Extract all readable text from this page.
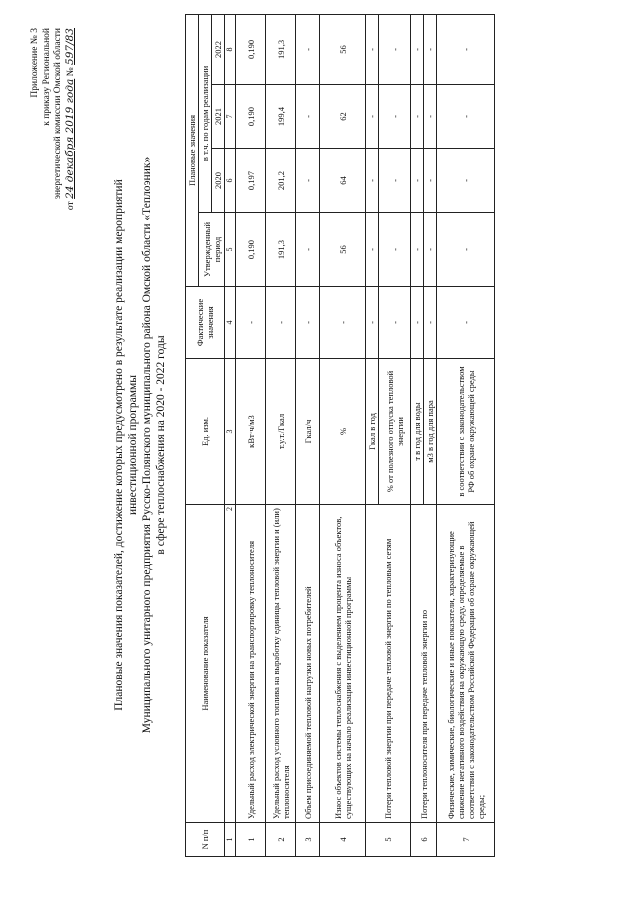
Приложение № 3 к приказу Региональной энергетической комиссии Омской области
от 24 декабря 2019 года № 597/83
Плановые значения показателей, достижение которых предусмотрено в результате реализации мероприятий инвестиционной программы Муниципального унитарного предприятия Русско-Полянского муниципального района Омской области «Теплоэник» в сфере теплоснабжения на 2020 - 2022 годы
N п/п	Наименование показателя	Ед. изм.	Фактические значения	Плановые значения			
				Утвержденный период	в т.ч. по годам реализации		
					2020	2021	2022
1	2	3	4	5	6	7	8
1	Удельный расход электрической энергии на транспортировку теплоносителя	кВт·ч/м3	-	0,190	0,197	0,190	0,190
2	Удельный расход условного топлива на выработку единицы тепловой энергии и (или) теплоносителя	т.у.т./Гкал	-	191,3	201,2	199,4	191,3
3	Объем присоединяемой тепловой нагрузки новых потребителей	Гкал/ч	-	-	-	-	-
4	Износ объектов системы теплоснабжения с выделением процента износа объектов, существующих на начало реализации инвестиционной программы	%	-	56	64	62	56
5	Потери тепловой энергии при передаче тепловой энергии по тепловым сетям	Гкал в год	-	-	-	-	-
		% от полезного отпуска тепловой энергии	-	-	-	-	-
6	Потери теплоносителя при передаче тепловой энергии по	т в год для воды	-	-	-	-	-
		м3 в год для пара	-	-	-	-	-
7	Физические, химические, биологические и иные показатели, характеризующие снижение негативного воздействия на окружающую среду, определяемые в соответствии с законодательством Российской Федерации об охране окружающей среды;	в соответствии с законодательством РФ об охране окружающей среды	-	-	-	-	-
